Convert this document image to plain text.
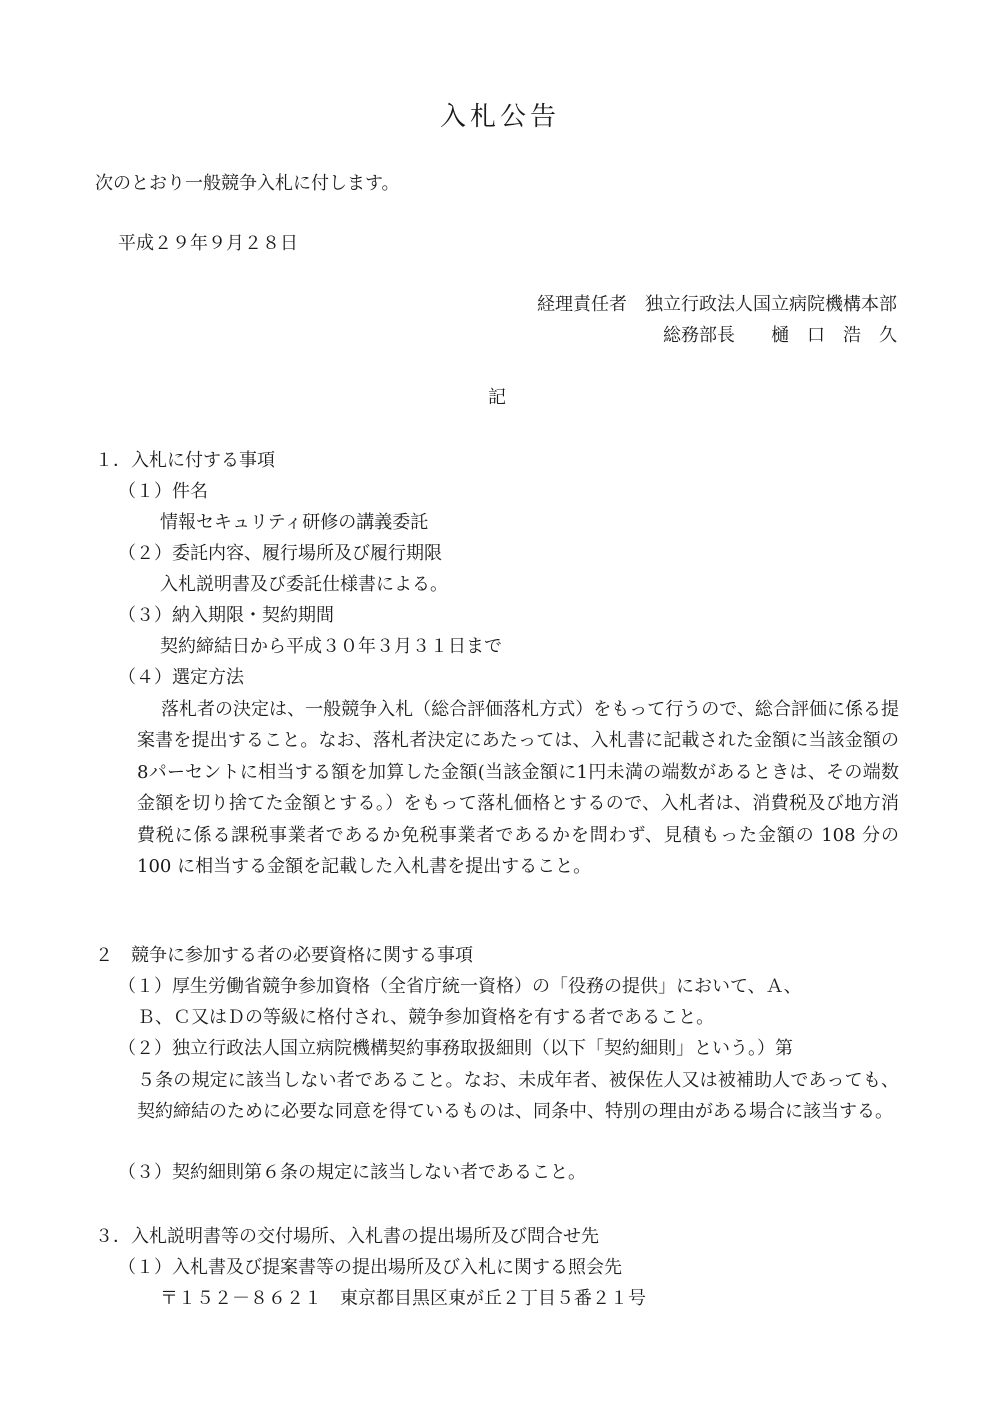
入札公告
次のとおり一般競争入札に付します。
平成２９年９月２８日
経理責任者　独立行政法人国立病院機構本部
総務部長　　樋　口　浩　久
記
１．入札に付する事項
（１）件名
情報セキュリティ研修の講義委託
（２）委託内容、履行場所及び履行期限
入札説明書及び委託仕様書による。
（３）納入期限・契約期間
契約締結日から平成３０年３月３１日まで
（４）選定方法
落札者の決定は、一般競争入札（総合評価落札方式）をもって行うので、総合評価に係る提案書を提出すること。なお、落札者決定にあたっては、入札書に記載された金額に当該金額の8パーセントに相当する額を加算した金額(当該金額に1円未満の端数があるときは、その端数金額を切り捨てた金額とする。）をもって落札価格とするので、入札者は、消費税及び地方消費税に係る課税事業者であるか免税事業者であるかを問わず、見積もった金額の 108 分の 100 に相当する金額を記載した入札書を提出すること。
２　競争に参加する者の必要資格に関する事項
（１）厚生労働省競争参加資格（全省庁統一資格）の「役務の提供」において、Ａ、
Ｂ、Ｃ又はＤの等級に格付され、競争参加資格を有する者であること。
（２）独立行政法人国立病院機構契約事務取扱細則（以下「契約細則」という。）第
５条の規定に該当しない者であること。なお、未成年者、被保佐人又は被補助人であっても、契約締結のために必要な同意を得ているものは、同条中、特別の理由がある場合に該当する。
（３）契約細則第６条の規定に該当しない者であること。
３．入札説明書等の交付場所、入札書の提出場所及び問合せ先
（１）入札書及び提案書等の提出場所及び入札に関する照会先
〒１５２－８６２１　東京都目黒区東が丘２丁目５番２１号
